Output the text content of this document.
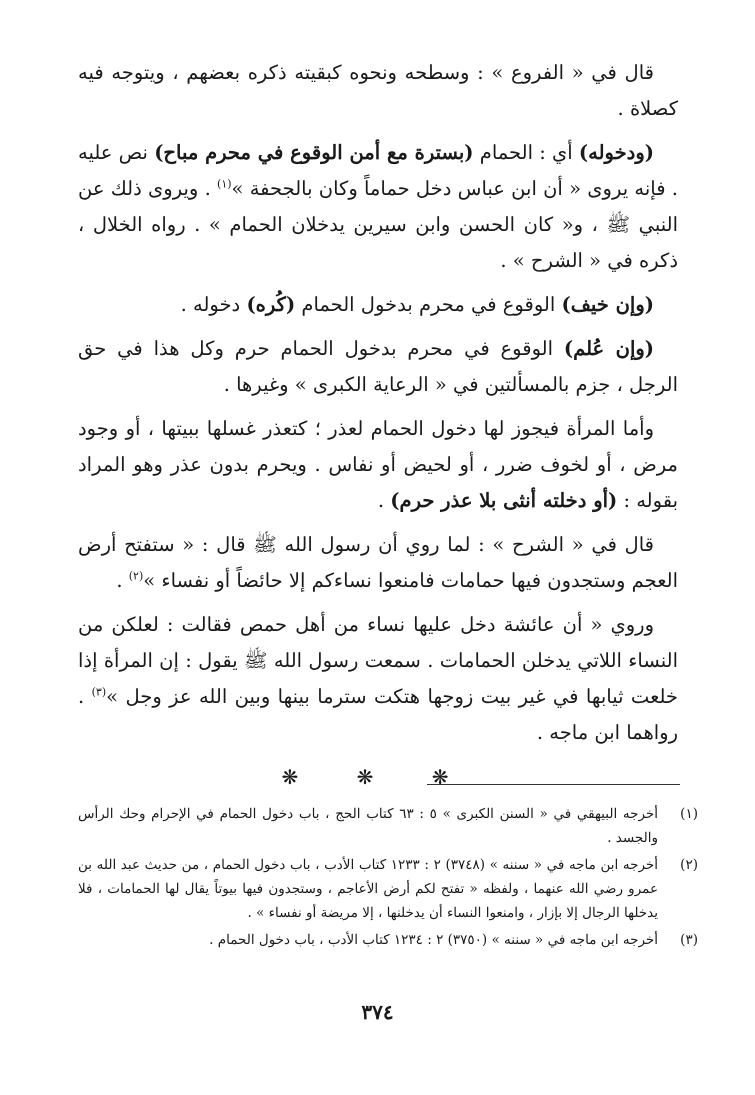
قال في « الفروع » : وسطحه ونحوه كبقيته ذكره بعضهم ، ويتوجه فيه كصلاة .

(ودخوله) أي : الحمام (بسترة مع أمن الوقوع في محرم مباح) نص عليه . فإنه يروى « أن ابن عباس دخل حماماً وكان بالجحفة »$^{(١)}$ . ويروى ذلك عن النبي ﷺ ، و« كان الحسن وابن سيرين يدخلان الحمام » . رواه الخلال ، ذكره في « الشرح » .

(وإن خيف) الوقوع في محرم بدخول الحمام (كُره) دخوله .

(وإن عُلم) الوقوع في محرم بدخول الحمام حرم وكل هذا في حق الرجل ، جزم بالمسألتين في « الرعاية الكبرى » وغيرها .

وأما المرأة فيجوز لها دخول الحمام لعذر ؛ كتعذر غسلها ببيتها ، أو وجود مرض ، أو لخوف ضرر ، أو لحيض أو نفاس . ويحرم بدون عذر وهو المراد بقوله : (أو دخلته أنثى بلا عذر حرم) .

قال في « الشرح » : لما روي أن رسول الله ﷺ قال : « ستفتح أرض العجم وستجدون فيها حمامات فامنعوا نساءكم إلا حائضاً أو نفساء »$^{(٢)}$ .

وروي « أن عائشة دخل عليها نساء من أهل حمص فقالت : لعلكن من النساء اللاتي يدخلن الحمامات . سمعت رسول الله ﷺ يقول : إن المرأة إذا خلعت ثيابها في غير بيت زوجها هتكت سترما بينها وبين الله عز وجل »$^{(٣)}$ . رواهما ابن ماجه .

❋ ❋ ❋
(١)
أخرجه البيهقي في « السنن الكبرى » ٥ : ٦٣ كتاب الحج ، باب دخول الحمام في الإحرام وحك الرأس والجسد .
(٢)
أخرجه ابن ماجه في « سننه » (٣٧٤٨) ٢ : ١٢٣٣ كتاب الأدب ، باب دخول الحمام ، من حديث عبد الله بن عمرو رضي الله عنهما ، ولفظه « تفتح لكم أرض الأعاجم ، وستجدون فيها بيوتاً يقال لها الحمامات ، فلا يدخلها الرجال إلا بإزار ، وامنعوا النساء أن يدخلنها ، إلا مريضة أو نفساء » .
(٣)
أخرجه ابن ماجه في « سننه » (٣٧٥٠) ٢ : ١٢٣٤ كتاب الأدب ، باب دخول الحمام .
٣٧٤
